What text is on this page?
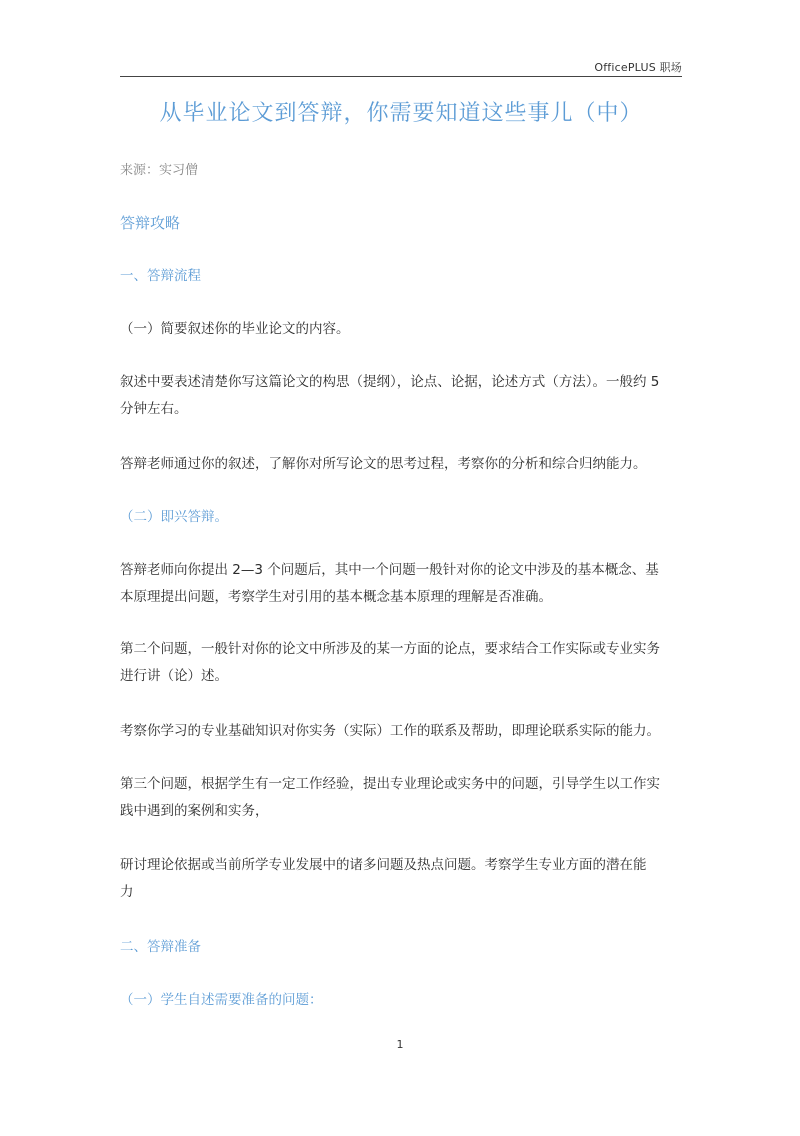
OfficePLUS 职场
从毕业论文到答辩，你需要知道这些事儿（中）

来源：实习僧

答辩攻略

一、答辩流程

（一）简要叙述你的毕业论文的内容。

叙述中要表述清楚你写这篇论文的构思（提纲），论点、论据，论述方式（方法）。一般约 5
分钟左右。

答辩老师通过你的叙述，了解你对所写论文的思考过程，考察你的分析和综合归纳能力。

（二）即兴答辩。

答辩老师向你提出 2—3 个问题后，其中一个问题一般针对你的论文中涉及的基本概念、基
本原理提出问题，考察学生对引用的基本概念基本原理的理解是否准确。
第二个问题，一般针对你的论文中所涉及的某一方面的论点，要求结合工作实际或专业实务
进行讲（论）述。

考察你学习的专业基础知识对你实务（实际）工作的联系及帮助，即理论联系实际的能力。

第三个问题，根据学生有一定工作经验，提出专业理论或实务中的问题，引导学生以工作实
践中遇到的案例和实务，
研讨理论依据或当前所学专业发展中的诸多问题及热点问题。考察学生专业方面的潜在能
力

二、答辩准备

（一）学生自述需要准备的问题：

1
